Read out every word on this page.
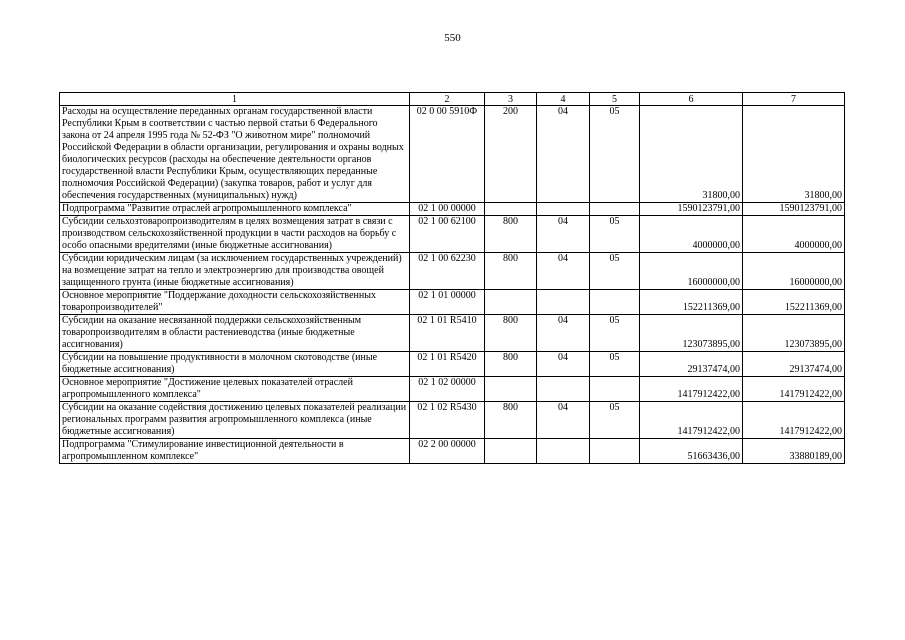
550
1	2	3	4	5	6	7
Расходы на осуществление переданных органам государственной власти Республики Крым в соответствии с частью первой статьи 6 Федерального закона от 24 апреля 1995 года № 52-ФЗ "О животном мире" полномочий Российской Федерации в области организации, регулирования и охраны водных биологических ресурсов (расходы на обеспечение деятельности органов государственной власти Республики Крым, осуществляющих переданные полномочия Российской Федерации) (закупка товаров, работ и услуг для обеспечения государственных (муниципальных) нужд)	02 0 00 5910Ф	200	04	05	31800,00	31800,00
Подпрограмма "Развитие отраслей агропромышленного комплекса"	02 1 00 00000				1590123791,00	1590123791,00
Субсидии сельхозтоваропроизводителям в целях возмещения затрат в связи с производством сельскохозяйственной продукции в части расходов на борьбу с особо опасными вредителями (иные бюджетные ассигнования)	02 1 00 62100	800	04	05	4000000,00	4000000,00
Субсидии юридическим лицам (за исключением государственных учреждений) на возмещение затрат на тепло и электроэнергию для производства овощей защищенного грунта (иные бюджетные ассигнования)	02 1 00 62230	800	04	05	16000000,00	16000000,00
Основное мероприятие "Поддержание доходности сельскохозяйственных товаропроизводителей"	02 1 01 00000				152211369,00	152211369,00
Субсидии на оказание несвязанной поддержки сельскохозяйственным товаропроизводителям в области растениеводства (иные бюджетные ассигнования)	02 1 01 R5410	800	04	05	123073895,00	123073895,00
Субсидии на повышение продуктивности в молочном скотоводстве (иные бюджетные ассигнования)	02 1 01 R5420	800	04	05	29137474,00	29137474,00
Основное мероприятие "Достижение целевых показателей отраслей агропромышленного комплекса"	02 1 02 00000				1417912422,00	1417912422,00
Субсидии на оказание содействия достижению целевых показателей реализации региональных программ развития агропромышленного комплекса (иные бюджетные ассигнования)	02 1 02 R5430	800	04	05	1417912422,00	1417912422,00
Подпрограмма "Стимулирование инвестиционной деятельности в агропромышленном комплексе"	02 2 00 00000				51663436,00	33880189,00
